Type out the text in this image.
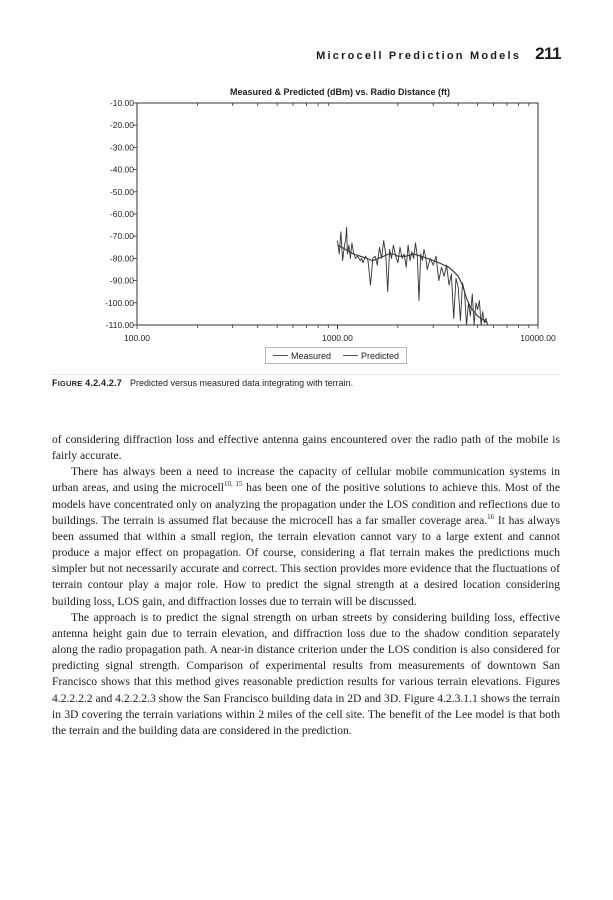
Microcell Prediction Models 211
Measured & Predicted (dBm) vs. Radio Distance (ft)
-10.00
-20.00
-30.00
-40.00
-50.00
-60.00
-70.00
-80.00
-90.00
-100.00
-110.00
100.00	1000.00	10000.00
Measured	Predicted
FIGURE 4.2.4.2.7 Predicted versus measured data integrating with terrain.

of considering diffraction loss and effective antenna gains encountered over the radio path of the mobile is fairly accurate.

There has always been a need to increase the capacity of cellular mobile communication systems in urban areas, and using the microcell$^{10, 15}$ has been one of the positive solutions to achieve this. Most of the models have concentrated only on analyzing the propagation under the LOS condition and reflections due to buildings. The terrain is assumed flat because the microcell has a far smaller coverage area.$^{16}$ It has always been assumed that within a small region, the terrain elevation cannot vary to a large extent and cannot produce a major effect on propagation. Of course, considering a flat terrain makes the predictions much simpler but not necessarily accurate and correct. This section provides more evidence that the fluctuations of terrain contour play a major role. How to predict the signal strength at a desired location considering building loss, LOS gain, and diffraction losses due to terrain will be discussed.

The approach is to predict the signal strength on urban streets by considering building loss, effective antenna height gain due to terrain elevation, and diffraction loss due to the shadow condition separately along the radio propagation path. A near-in distance criterion under the LOS condition is also considered for predicting signal strength. Comparison of experimental results from measurements of downtown San Francisco shows that this method gives reasonable prediction results for various terrain elevations. Figures 4.2.2.2.2 and 4.2.2.2.3 show the San Francisco building data in 2D and 3D. Figure 4.2.3.1.1 shows the terrain in 3D covering the terrain variations within 2 miles of the cell site. The benefit of the Lee model is that both the terrain and the building data are considered in the prediction.
